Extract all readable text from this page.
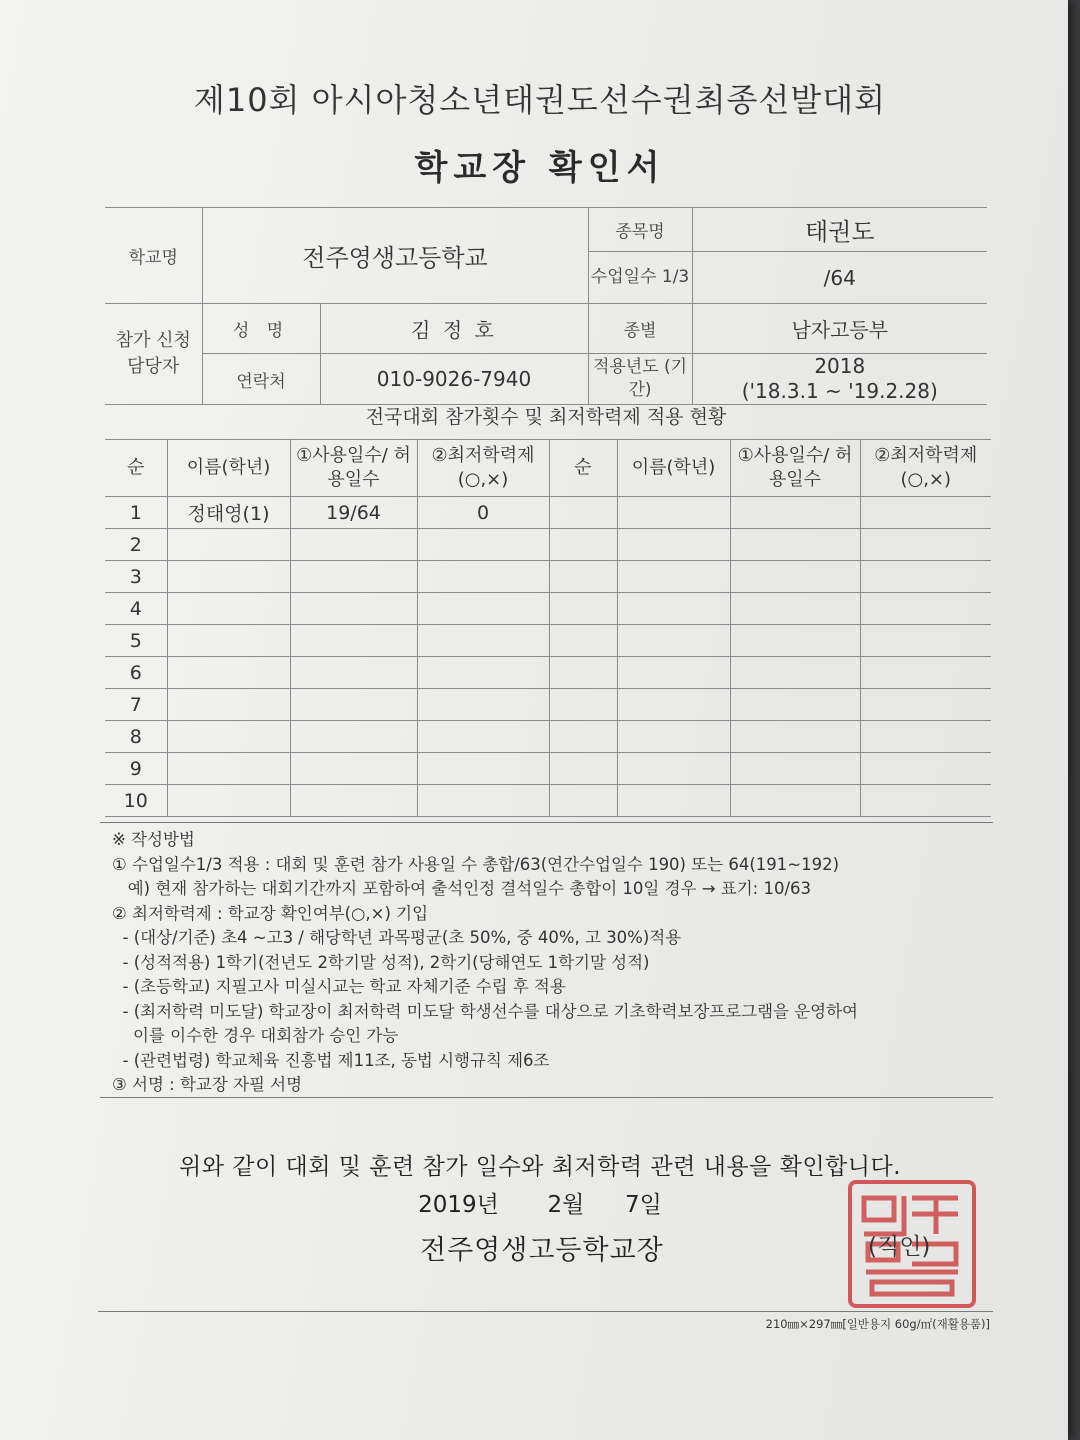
제10회 아시아청소년태권도선수권최종선발대회
학교장 확인서
학교명	전주영생고등학교		종목명	태권도
			수업일수 1/3	/64
참가 신청 담당자	성 명	김 정 호	종별	남자고등부
	연락처	010-9026-7940	적용년도 (기간)	2018
('18.3.1 ~ '19.2.28)
전국대회 참가횟수 및 최저학력제 적용 현황
순	이름(학년)	①사용일수/ 허용일수	②최저학력제 (○,×)	순	이름(학년)	①사용일수/ 허용일수	②최저학력제 (○,×)
1	정태영(1)	19/64	0				
2							
3							
4							
5							
6							
7							
8							
9							
10							
※ 작성방법
① 수업일수1/3 적용 : 대회 및 훈련 참가 사용일 수 총합/63(연간수업일수 190) 또는 64(191~192)
예) 현재 참가하는 대회기간까지 포함하여 출석인정 결석일수 총합이 10일 경우 → 표기: 10/63
② 최저학력제 : 학교장 확인여부(○,×) 기입
- (대상/기준) 초4 ~고3 / 해당학년 과목평균(초 50%, 중 40%, 고 30%)적용
- (성적적용) 1학기(전년도 2학기말 성적), 2학기(당해연도 1학기말 성적)
- (초등학교) 지필고사 미실시교는 학교 자체기준 수립 후 적용
- (최저학력 미도달) 학교장이 최저학력 미도달 학생선수를 대상으로 기초학력보장프로그램을 운영하여
이를 이수한 경우 대회참가 승인 가능
- (관련법령) 학교체육 진흥법 제11조, 동법 시행규칙 제6조
③ 서명 : 학교장 자필 서명
위와 같이 대회 및 훈련 참가 일수와 최저학력 관련 내용을 확인합니다.
2019년 2월 7일
전주영생고등학교장	(직인)
210㎜×297㎜[일반용지 60g/㎡(재활용품)]
